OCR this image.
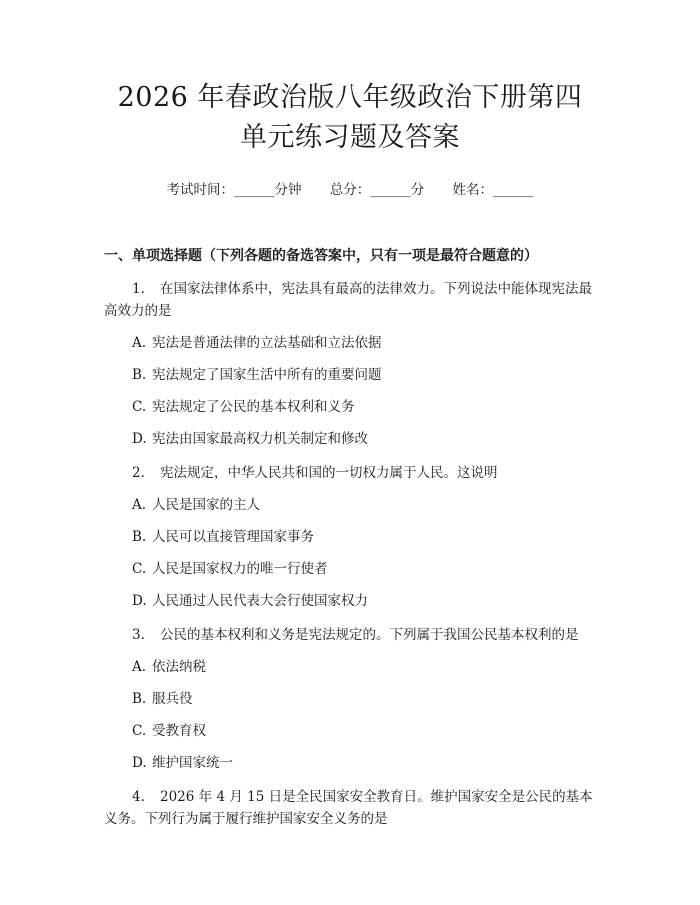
2026 年春政治版八年级政治下册第四单元练习题及答案
考试时间：______分钟 总分：______分 姓名：______
一、单项选择题（下列各题的备选答案中，只有一项是最符合题意的）
1. 在国家法律体系中，宪法具有最高的法律效力。下列说法中能体现宪法最高效力的是
A. 宪法是普通法律的立法基础和立法依据
B. 宪法规定了国家生活中所有的重要问题
C. 宪法规定了公民的基本权利和义务
D. 宪法由国家最高权力机关制定和修改
2. 宪法规定，中华人民共和国的一切权力属于人民。这说明
A. 人民是国家的主人
B. 人民可以直接管理国家事务
C. 人民是国家权力的唯一行使者
D. 人民通过人民代表大会行使国家权力
3. 公民的基本权利和义务是宪法规定的。下列属于我国公民基本权利的是
A. 依法纳税
B. 服兵役
C. 受教育权
D. 维护国家统一
4. 2026 年 4 月 15 日是全民国家安全教育日。维护国家安全是公民的基本义务。下列行为属于履行维护国家安全义务的是
